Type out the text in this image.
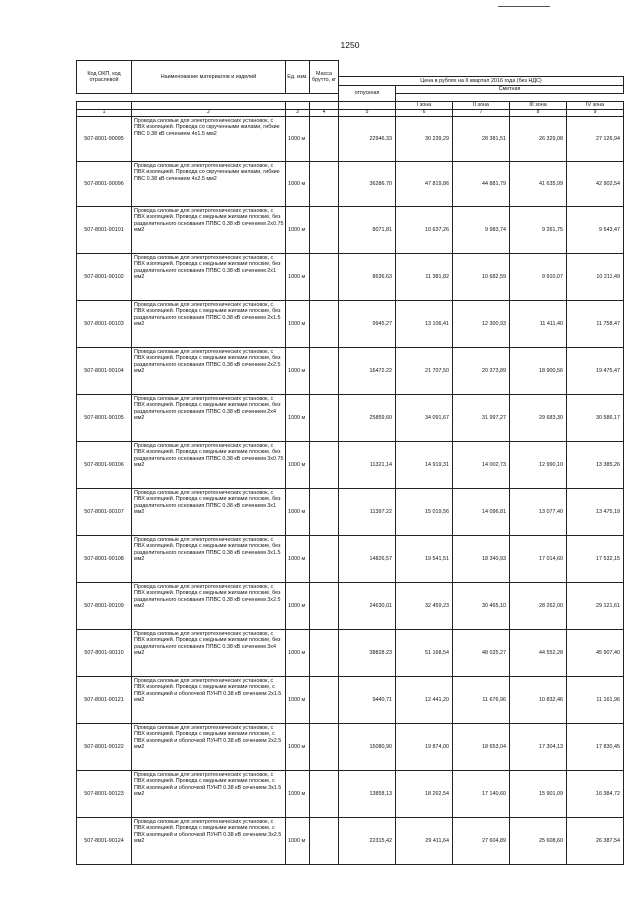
1250
Код ОКП, код отраслевой	Наименование материалов и изделий	Ед. изм.	Масса брутто, кг					
				Цена в рублях на II квартал 2016 года (без НДС)				
				отпускная	Сметная			

					I зона	II зона	III зона	IV зона
1	2	3	4	5	6	7	8	9
507-8001-90095	Провода силовые для электротехнических установок, с ПВХ изоляцией. Провода со скрученными жилами, гибкие ПВС 0.38 кВ сечением 4х1.5 мм2	1000 м		22946.33	30 239,29	28 381,51	26 329,08	27 126,94
507-8001-90096	Провода силовые для электротехнических установок, с ПВХ изоляцией. Провода со скрученными жилами, гибкие ПВС 0.38 кВ сечением 4х2.5 мм2	1000 м		36286.70	47 819,86	44 881,79	41 635,99	42 902,54
507-8001-90101	Провода силовые для электротехнических установок, с ПВХ изоляцией. Провода с медными жилами плоские, без разделительного основания ППВС 0.38 кВ сечением 2х0.75 мм2	1000 м		8071,81	10 637,26	9 983,74	9 261,75	9 543,47
507-8001-90102	Провода силовые для электротехнических установок, с ПВХ изоляцией. Провода с медными жилами плоские, без разделительного основания ППВС 0.38 кВ сечением 2х1 мм2	1000 м		8636.63	11 381,82	10 682,59	9 910,07	10 211,49
507-8001-90103	Провода силовые для электротехнических установок, с ПВХ изоляцией. Провода с медными жилами плоские, без разделительного основания ППВС 0.38 кВ сечением 2х1.5 мм2	1000 м		9945,27	13 106,41	12 300,93	11 411,40	11 758,47
507-8001-90104	Провода силовые для электротехнических установок, с ПВХ изоляцией. Провода с медными жилами плоские, без разделительного основания ППВС 0.38 кВ сечением 2х2.5 мм2	1000 м		16472.22	21 707,50	20 373,89	18 900,56	19 475,47
507-8001-90105	Провода силовые для электротехнических установок, с ПВХ изоляцией. Провода с медными жилами плоские, без разделительного основания ППВС 0.38 кВ сечением 2х4 мм2	1000 м		25859,60	34 091,67	31 997,27	29 683,30	30 586,17
507-8001-90106	Провода силовые для электротехнических установок, с ПВХ изоляцией. Провода с медными жилами плоские, без разделительного основания ППВС 0.38 кВ сечением 3х0.75 мм2	1000 м		11321,14	14 919,31	14 002,73	12 990,10	13 385,26
507-8001-90107	Провода силовые для электротехнических установок, с ПВХ изоляцией. Провода с медными жилами плоские, без разделительного основания ППВС 0.38 кВ сечением 3х1 мм2	1000 м		11397.22	15 019,56	14 096,81	13 077,40	13 475,19
507-8001-90108	Провода силовые для электротехнических установок, с ПВХ изоляцией. Провода с медными жилами плоские, без разделительного основания ППВС 0.38 кВ сечением 3х1.5 мм2	1000 м		14826,57	19 541,51	18 340,93	17 014,60	17 532,15
507-8001-90109	Провода силовые для электротехнических установок, с ПВХ изоляцией. Провода с медными жилами плоские, без разделительного основания ППВС 0.38 кВ сечением 3х2.5 мм2	1000 м		24630,01	32 459,23	30 465,10	28 262,00	29 121,61
507-8001-90110	Провода силовые для электротехнических установок, с ПВХ изоляцией. Провода с медными жилами плоские, без разделительного основания ППВС 0.38 кВ сечением 3х4 мм2	1000 м		38828.23	51 168,54	48 025,27	44 552,28	45 907,40
507-8001-90121	Провода силовые для электротехнических установок, с ПВХ изоляцией. Провода с медными жилами плоские, с ПВХ изоляцией и оболочкой ПУНП 0.38 кВ сечением 2х1.5 мм2	1000 м		9440,71	12 441,20	11 676,96	10 832,46	11 161,96
507-8001-90122	Провода силовые для электротехнических установок, с ПВХ изоляцией. Провода с медными жилами плоские, с ПВХ изоляцией и оболочкой ПУНП 0.38 кВ сечением 2х2.5 мм2	1000 м		15080,90	19 874,00	18 653,04	17 304,13	17 830,45
507-8001-90123	Провода силовые для электротехнических установок, с ПВХ изоляцией. Провода с медными жилами плоские, с ПВХ изоляцией и оболочкой ПУНП 0.38 кВ сечением 3х1.5 мм2	1000 м		13858,13	18 262,54	17 140,60	15 901,09	16 384,72
507-8001-90124	Провода силовые для электротехнических установок, с ПВХ изоляцией. Провода с медными жилами плоские, с ПВХ изоляцией и оболочкой ПУНП 0.38 кВ сечением 3х2.5 мм2	1000 м		22315,42	29 411,64	27 604,89	25 608,60	26 387,54
